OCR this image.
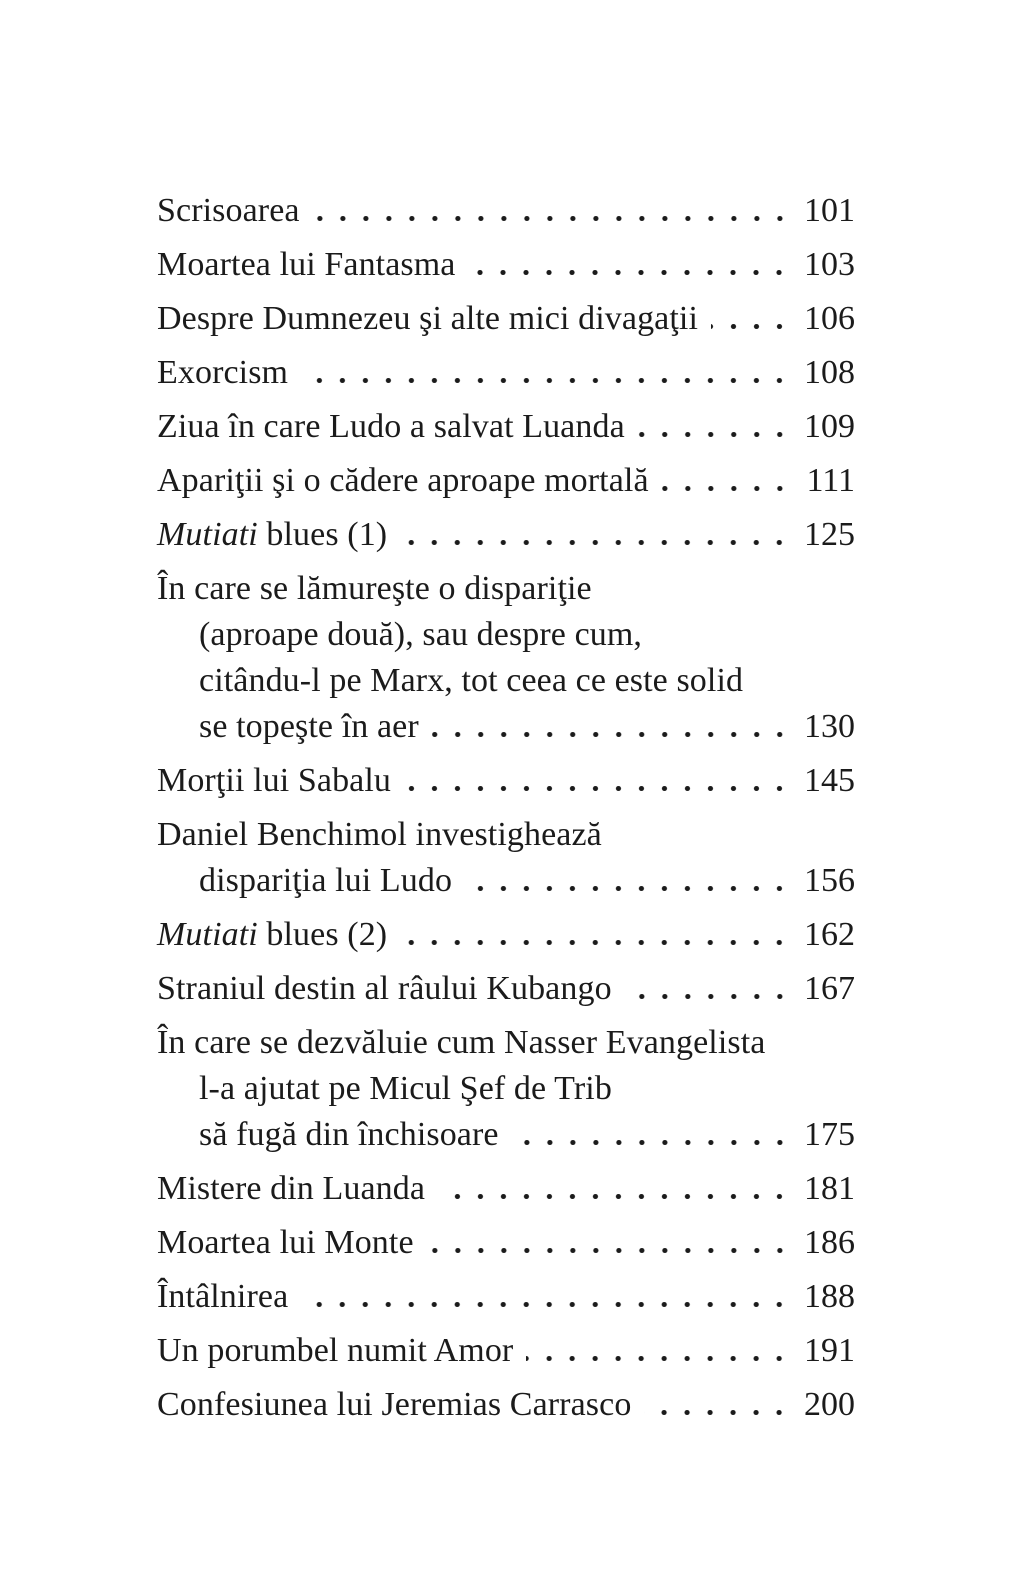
Scrisoarea	101
Moartea lui Fantasma	103
Despre Dumnezeu şi alte mici divagaţii	106
Exorcism	108
Ziua în care Ludo a salvat Luanda	109
Apariţii şi o cădere aproape mortală	111
Mutiati blues (1)	125
În care se lămureşte o dispariţie
(aproape două), sau despre cum,
citându-l pe Marx, tot ceea ce este solid
se topeşte în aer	130
Morţii lui Sabalu	145
Daniel Benchimol investighează
dispariţia lui Ludo	156
Mutiati blues (2)	162
Straniul destin al râului Kubango	167
În care se dezvăluie cum Nasser Evangelista
l-a ajutat pe Micul Şef de Trib
să fugă din închisoare	175
Mistere din Luanda	181
Moartea lui Monte	186
Întâlnirea	188
Un porumbel numit Amor	191
Confesiunea lui Jeremias Carrasco	200
